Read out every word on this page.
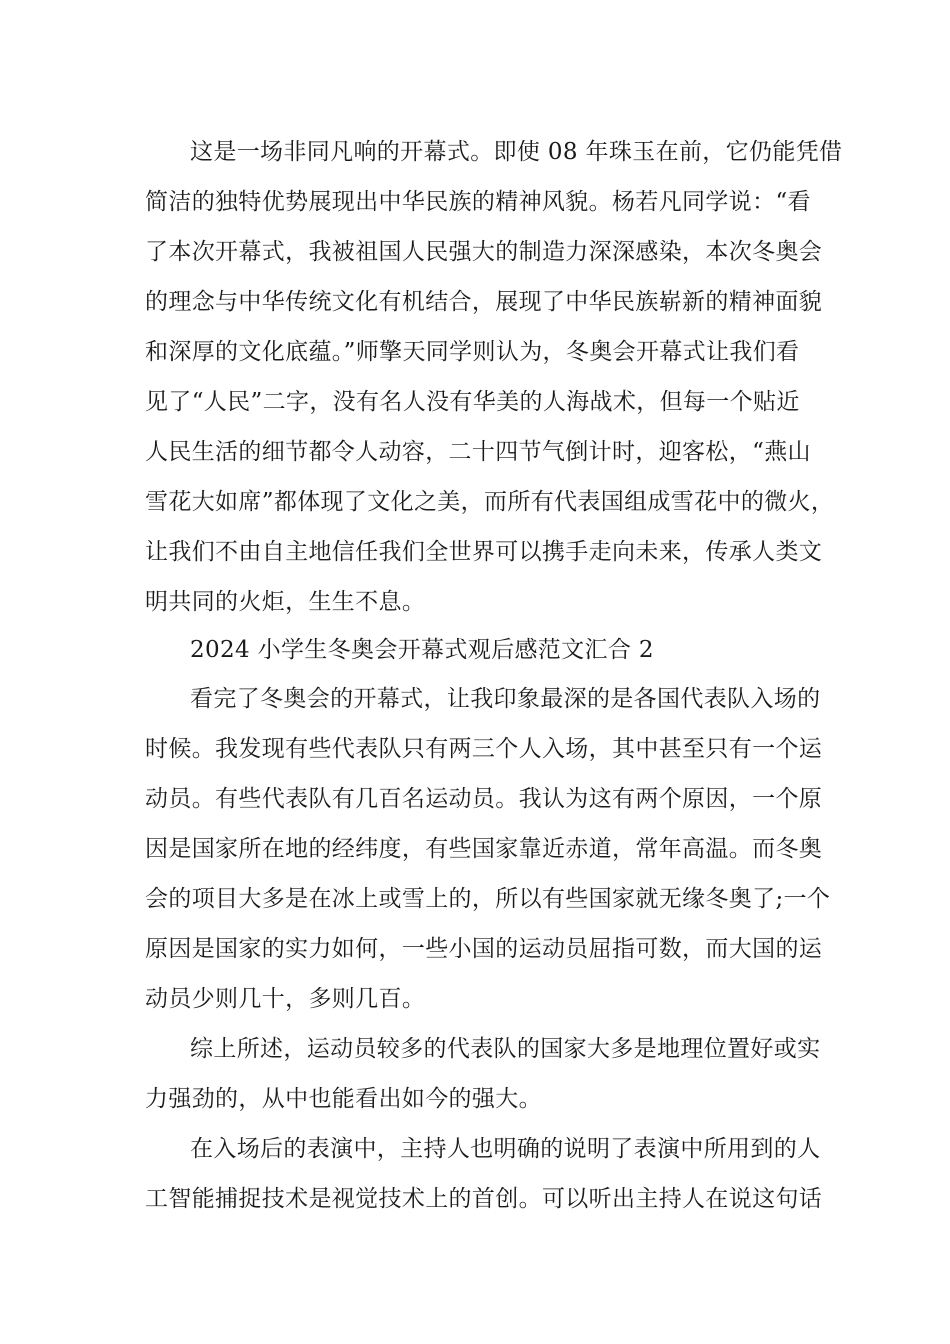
这是一场非同凡响的开幕式。即使 08 年珠玉在前，它仍能凭借
简洁的独特优势展现出中华民族的精神风貌。杨若凡同学说：“看
了本次开幕式，我被祖国人民强大的制造力深深感染，本次冬奥会
的理念与中华传统文化有机结合，展现了中华民族崭新的精神面貌
和深厚的文化底蕴。”师擎天同学则认为，冬奥会开幕式让我们看
见了“人民”二字，没有名人没有华美的人海战术，但每一个贴近
人民生活的细节都令人动容，二十四节气倒计时，迎客松，“燕山
雪花大如席”都体现了文化之美，而所有代表国组成雪花中的微火，
让我们不由自主地信任我们全世界可以携手走向未来，传承人类文
明共同的火炬，生生不息。
2024 小学生冬奥会开幕式观后感范文汇合 2
看完了冬奥会的开幕式，让我印象最深的是各国代表队入场的
时候。我发现有些代表队只有两三个人入场，其中甚至只有一个运
动员。有些代表队有几百名运动员。我认为这有两个原因，一个原
因是国家所在地的经纬度，有些国家靠近赤道，常年高温。而冬奥
会的项目大多是在冰上或雪上的，所以有些国家就无缘冬奥了;一个
原因是国家的实力如何，一些小国的运动员屈指可数，而大国的运
动员少则几十，多则几百。
综上所述，运动员较多的代表队的国家大多是地理位置好或实
力强劲的，从中也能看出如今的强大。
在入场后的表演中，主持人也明确的说明了表演中所用到的人
工智能捕捉技术是视觉技术上的首创。可以听出主持人在说这句话
